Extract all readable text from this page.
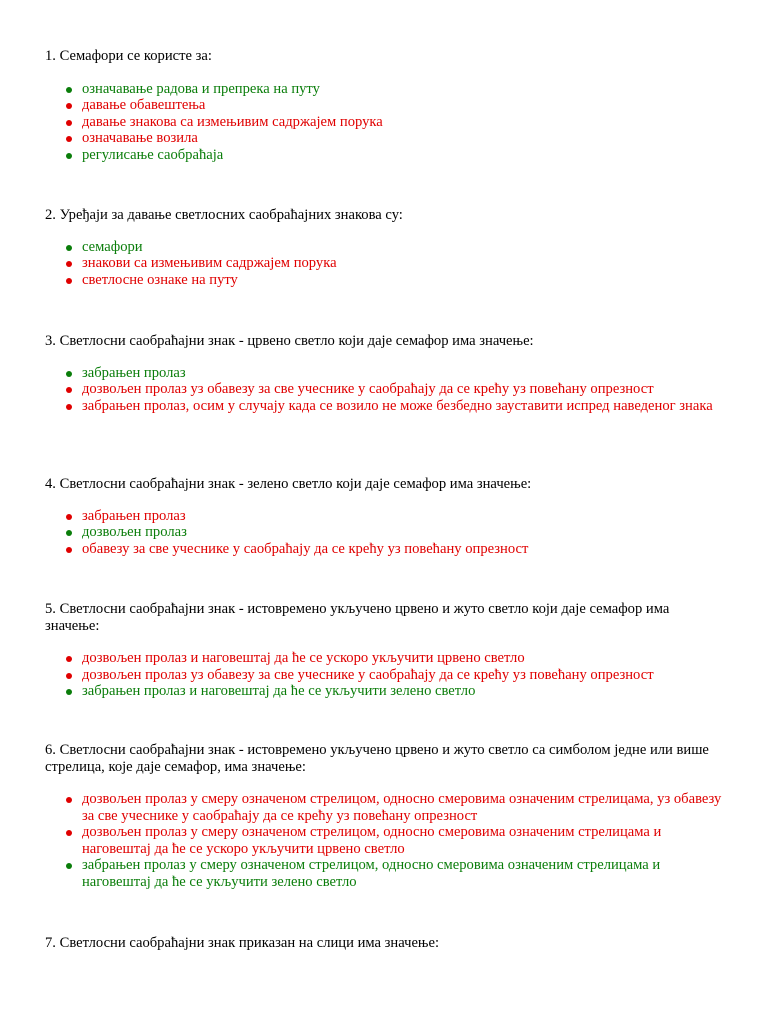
1. Семафори се користе за:

означавање радова и препрека на путу
давање обавештења
давање знакова са измењивим садржајем порука
означавање возила
регулисање саобраћаја

2. Уређаји за давање светлосних саобраћајних знакова су:

семафори
знакови са измењивим садржајем порука
светлосне ознаке на путу

3. Светлосни саобраћајни знак - црвено светло који даје семафор има значење:

забрањен пролаз
дозвољен пролаз уз обавезу за све учеснике у саобраћају да се крећу уз повећану опрезност
забрањен пролаз, осим у случају када се возило не може безбедно зауставити испред наведеног знака

4. Светлосни саобраћајни знак - зелено светло који даје семафор има значење:

забрањен пролаз
дозвољен пролаз
обавезу за све учеснике у саобраћају да се крећу уз повећану опрезност

5. Светлосни саобраћајни знак - истовремено укључено црвено и жуто светло који даје семафор има значење:

дозвољен пролаз и наговештај да ће се ускоро укључити црвено светло
дозвољен пролаз уз обавезу за све учеснике у саобраћају да се крећу уз повећану опрезност
забрањен пролаз и наговештај да ће се укључити зелено светло

6. Светлосни саобраћајни знак - истовремено укључено црвено и жуто светло са симболом једне или више стрелица, које даје семафор, има значење:

дозвољен пролаз у смеру означеном стрелицом, односно смеровима означеним стрелицама, уз обавезу за све учеснике у саобраћају да се крећу уз повећану опрезност
дозвољен пролаз у смеру означеном стрелицом, односно смеровима означеним стрелицама и наговештај да ће се ускоро укључити црвено светло
забрањен пролаз у смеру означеном стрелицом, односно смеровима означеним стрелицама и наговештај да ће се укључити зелено светло

7. Светлосни саобраћајни знак приказан на слици има значење:
